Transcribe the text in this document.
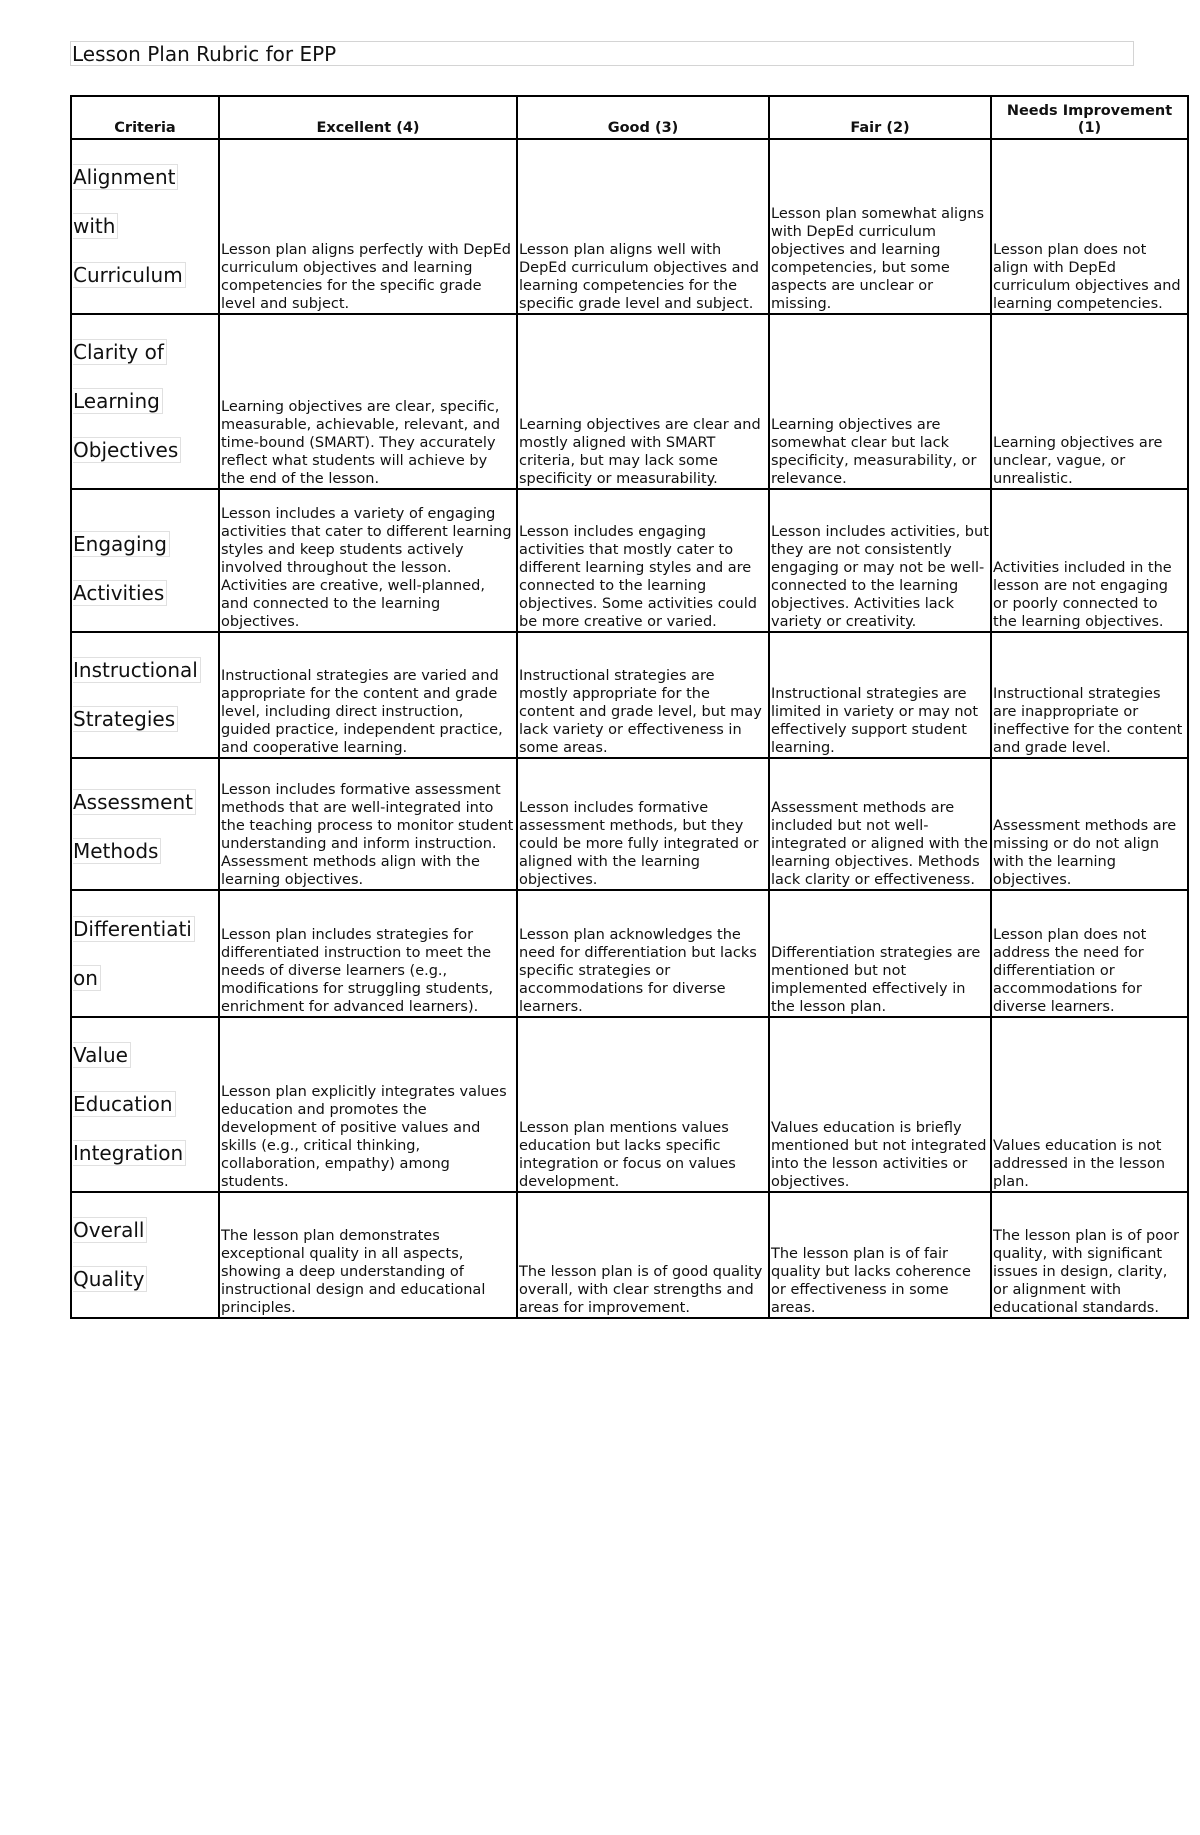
Lesson Plan Rubric for EPP
Criteria	Excellent (4)	Good (3)	Fair (2)	Needs Improvement (1)

Alignment

with

Curriculum	Lesson plan aligns perfectly with DepEd curriculum objectives and learning competencies for the specific grade level and subject.	Lesson plan aligns well with DepEd curriculum objectives and learning competencies for the specific grade level and subject.	Lesson plan somewhat aligns with DepEd curriculum objectives and learning competencies, but some aspects are unclear or missing.	Lesson plan does not align with DepEd curriculum objectives and learning competencies.

Clarity of

Learning

Objectives	Learning objectives are clear, specific, measurable, achievable, relevant, and time-bound (SMART). They accurately reflect what students will achieve by the end of the lesson.	Learning objectives are clear and mostly aligned with SMART criteria, but may lack some specificity or measurability.	Learning objectives are somewhat clear but lack specificity, measurability, or relevance.	Learning objectives are unclear, vague, or unrealistic.

Engaging

Activities	Lesson includes a variety of engaging activities that cater to different learning styles and keep students actively involved throughout the lesson. Activities are creative, well-planned, and connected to the learning objectives.	Lesson includes engaging activities that mostly cater to different learning styles and are connected to the learning objectives. Some activities could be more creative or varied.	Lesson includes activities, but they are not consistently engaging or may not be well-connected to the learning objectives. Activities lack variety or creativity.	Activities included in the lesson are not engaging or poorly connected to the learning objectives.

Instructional

Strategies	Instructional strategies are varied and appropriate for the content and grade level, including direct instruction, guided practice, independent practice, and cooperative learning.	Instructional strategies are mostly appropriate for the content and grade level, but may lack variety or effectiveness in some areas.	Instructional strategies are limited in variety or may not effectively support student learning.	Instructional strategies are inappropriate or ineffective for the content and grade level.

Assessment

Methods	Lesson includes formative assessment methods that are well-integrated into the teaching process to monitor student understanding and inform instruction. Assessment methods align with the learning objectives.	Lesson includes formative assessment methods, but they could be more fully integrated or aligned with the learning objectives.	Assessment methods are included but not well-integrated or aligned with the learning objectives. Methods lack clarity or effectiveness.	Assessment methods are missing or do not align with the learning objectives.

Differentiati

on	Lesson plan includes strategies for differentiated instruction to meet the needs of diverse learners (e.g., modifications for struggling students, enrichment for advanced learners).	Lesson plan acknowledges the need for differentiation but lacks specific strategies or accommodations for diverse learners.	Differentiation strategies are mentioned but not implemented effectively in the lesson plan.	Lesson plan does not address the need for differentiation or accommodations for diverse learners.

Value

Education

Integration	Lesson plan explicitly integrates values education and promotes the development of positive values and skills (e.g., critical thinking, collaboration, empathy) among students.	Lesson plan mentions values education but lacks specific integration or focus on values development.	Values education is briefly mentioned but not integrated into the lesson activities or objectives.	Values education is not addressed in the lesson plan.

Overall

Quality	The lesson plan demonstrates exceptional quality in all aspects, showing a deep understanding of instructional design and educational principles.	The lesson plan is of good quality overall, with clear strengths and areas for improvement.	The lesson plan is of fair quality but lacks coherence or effectiveness in some areas.	The lesson plan is of poor quality, with significant issues in design, clarity, or alignment with educational standards.
